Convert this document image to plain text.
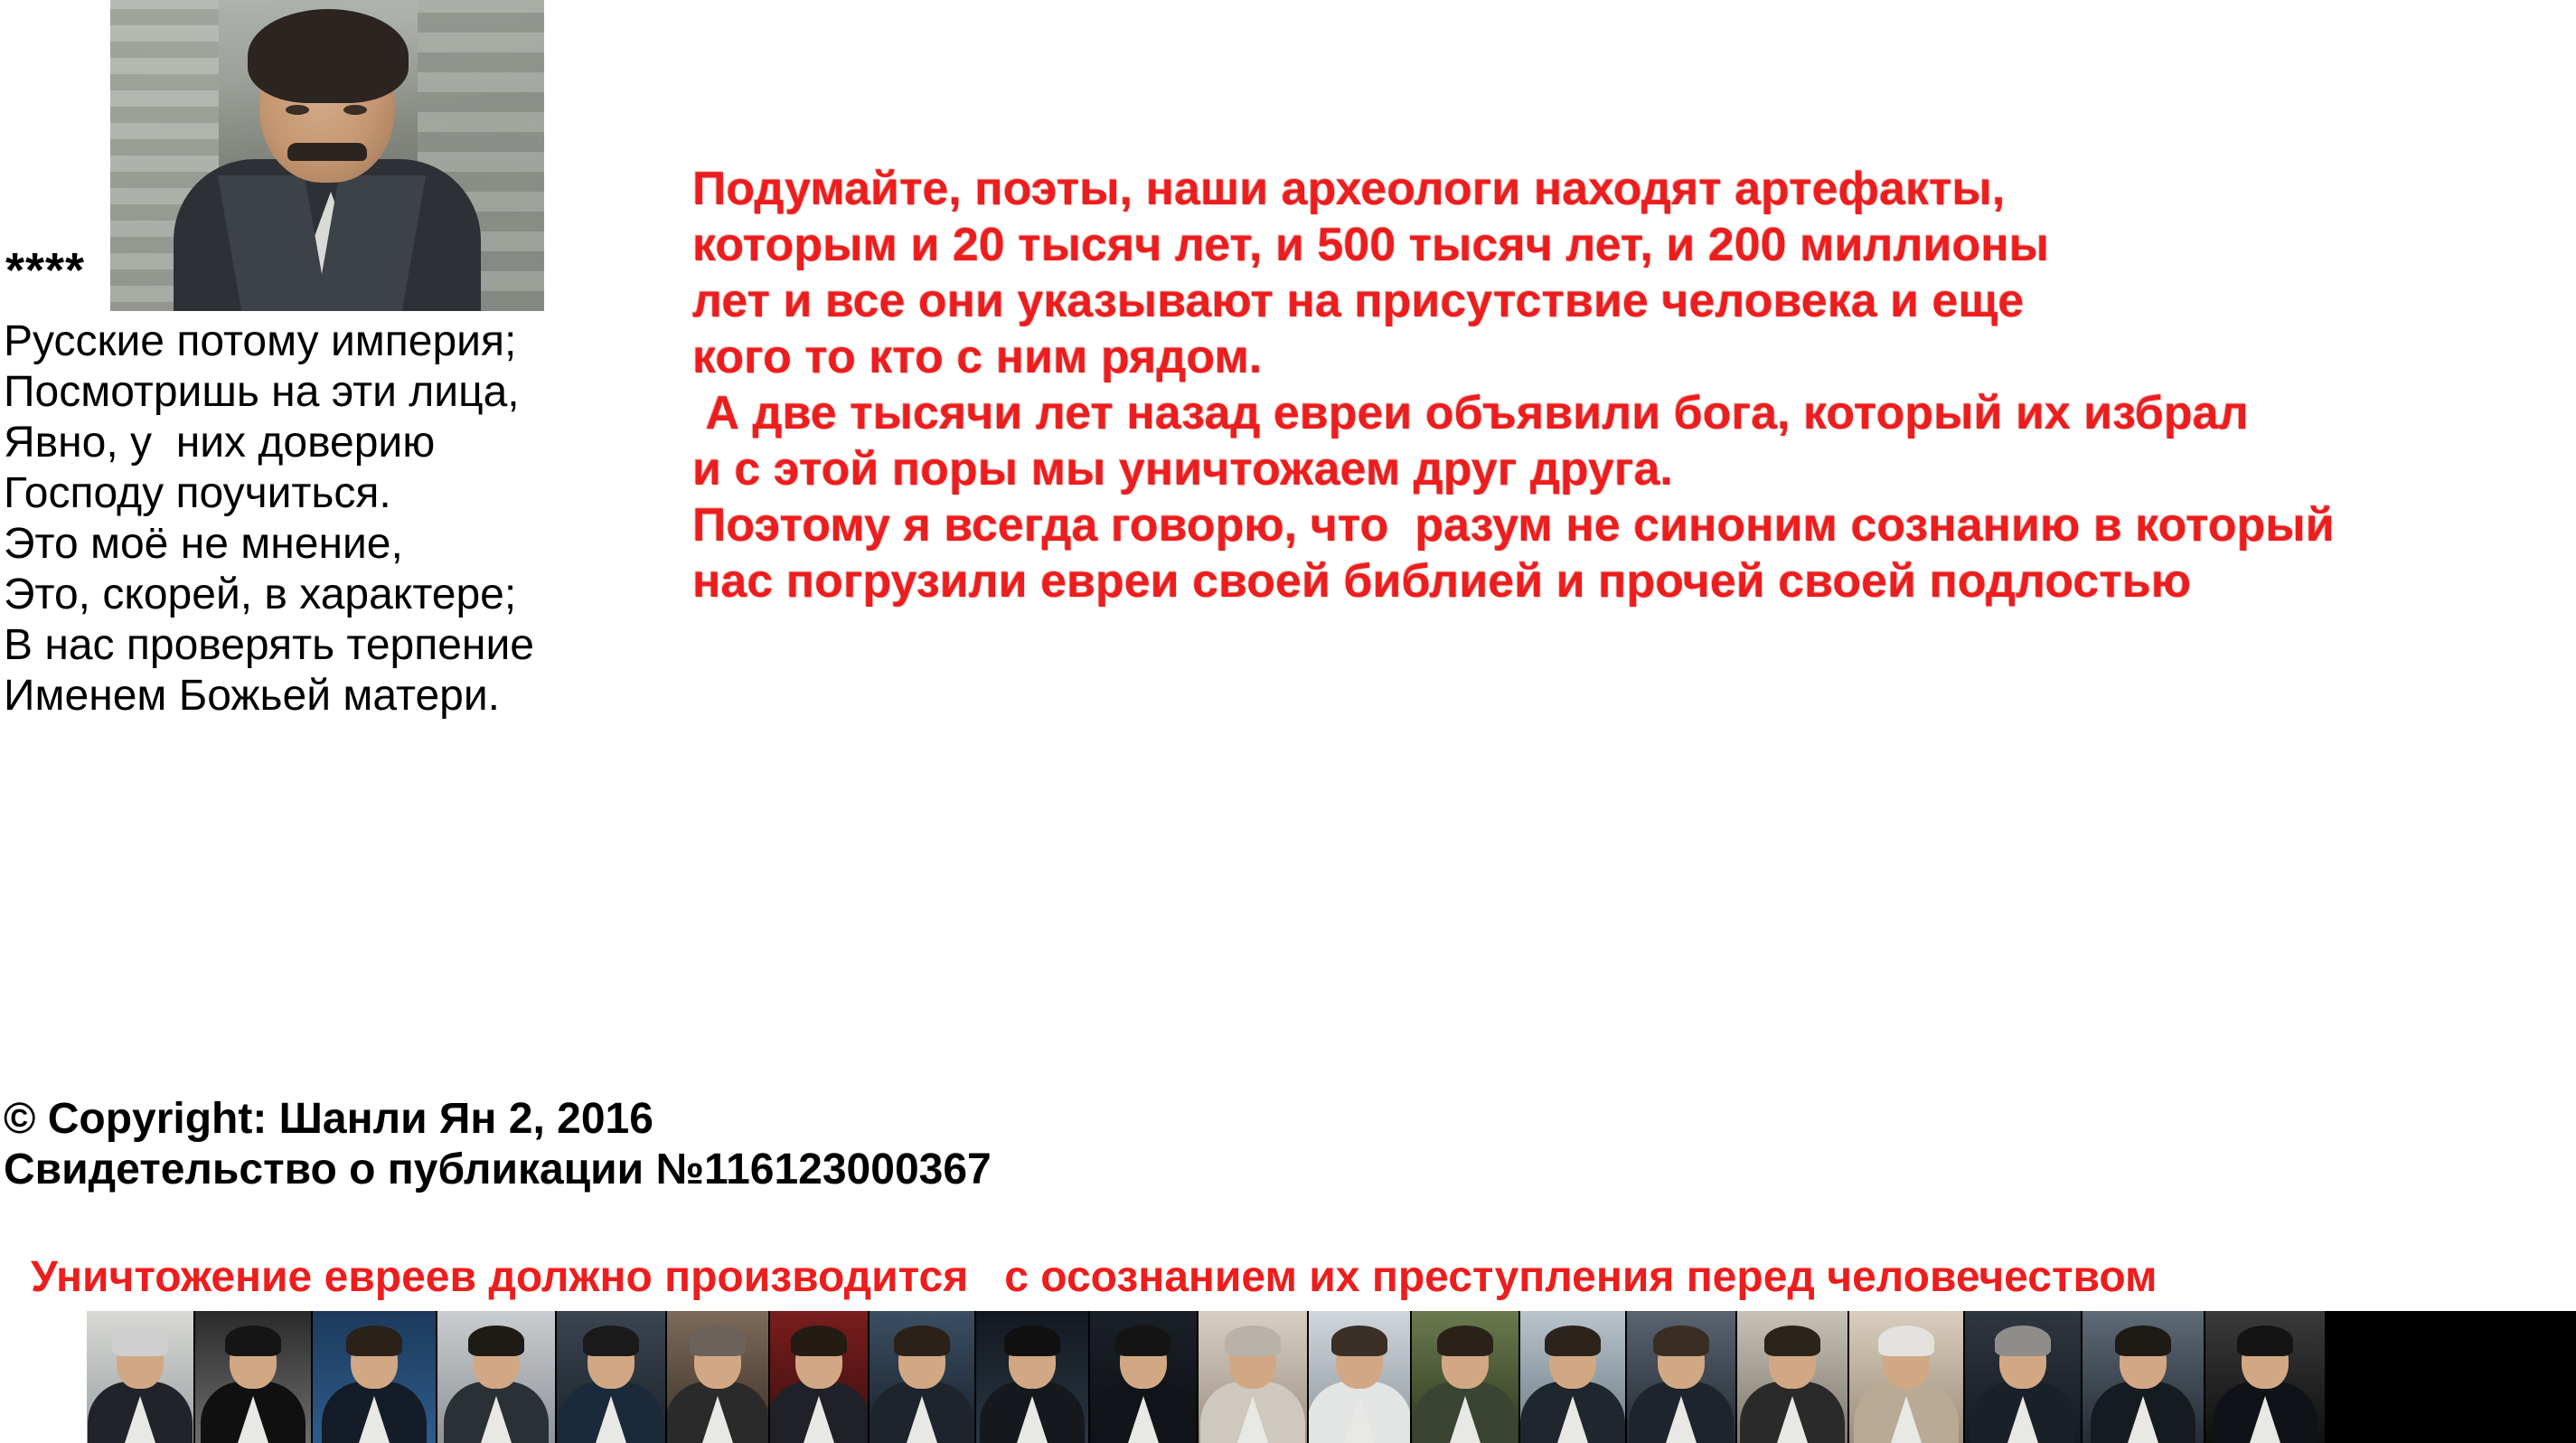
****
Русские потому империя;
Посмотришь на эти лица,
Явно, у  них доверию
Господу поучиться.
Это моё не мнение,
Это, скорей, в характере;
В нас проверять терпение
Именем Божьей матери.
© Copyright: Шанли Ян 2, 2016
Свидетельство о публикации №116123000367
Подумайте, поэты, наши археологи находят артефакты,
которым и 20 тысяч лет, и 500 тысяч лет, и 200 миллионы
лет и все они указывают на присутствие человека и еще
кого то кто с ним рядом.
А две тысячи лет назад евреи объявили бога, который их избрал
и с этой поры мы уничтожаем друг друга.
Поэтому я всегда говорю, что  разум не синоним сознанию в который
нас погрузили евреи своей библией и прочей своей подлостью
Уничтожение евреев должно производится   с осознанием их преступления перед человечеством
